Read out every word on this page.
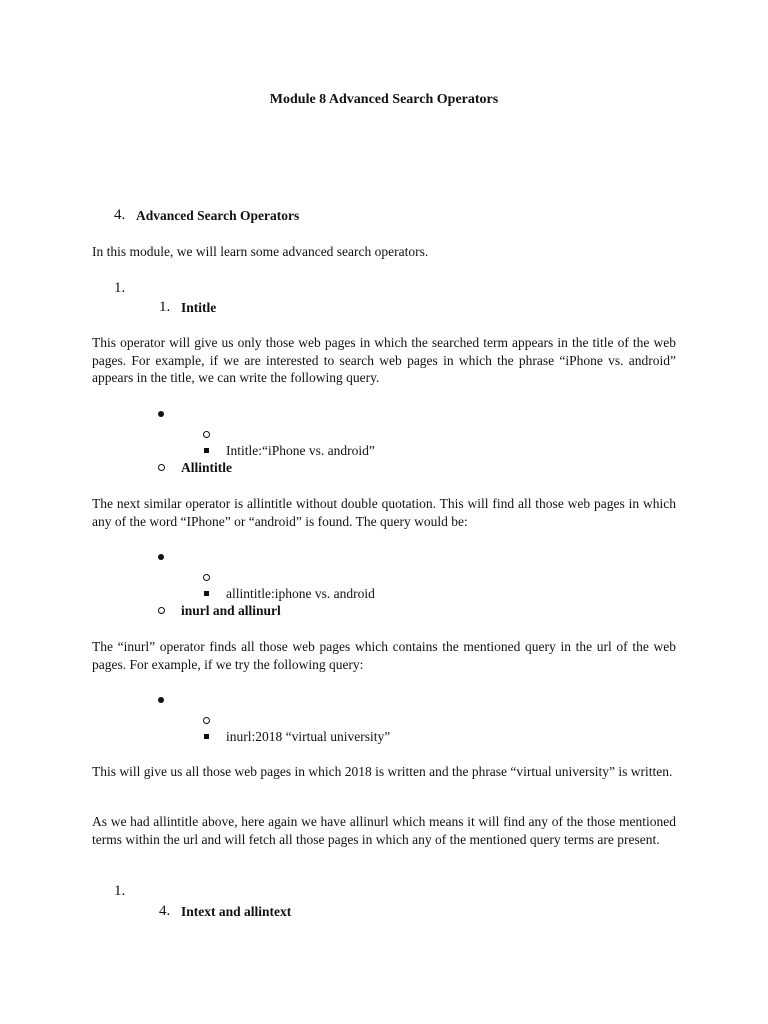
Module 8 Advanced Search Operators
4. Advanced Search Operators
In this module, we will learn some advanced search operators.
1.
1. Intitle
This operator will give us only those web pages in which the searched term appears in the title of the web pages. For example, if we are interested to search web pages in which the phrase “iPhone vs. android” appears in the title, we can write the following query.
Intitle:“iPhone vs. android”
Allintitle
The next similar operator is allintitle without double quotation. This will find all those web pages in which any of the word “IPhone” or “android” is found. The query would be:
allintitle:iphone vs. android
inurl and allinurl
The “inurl” operator finds all those web pages which contains the mentioned query in the url of the web pages. For example, if we try the following query:
inurl:2018 “virtual university”
This will give us all those web pages in which 2018 is written and the phrase “virtual university” is written.
As we had allintitle above, here again we have allinurl which means it will find any of the those mentioned terms within the url and will fetch all those pages in which any of the mentioned query terms are present.
1.
4. Intext and allintext
